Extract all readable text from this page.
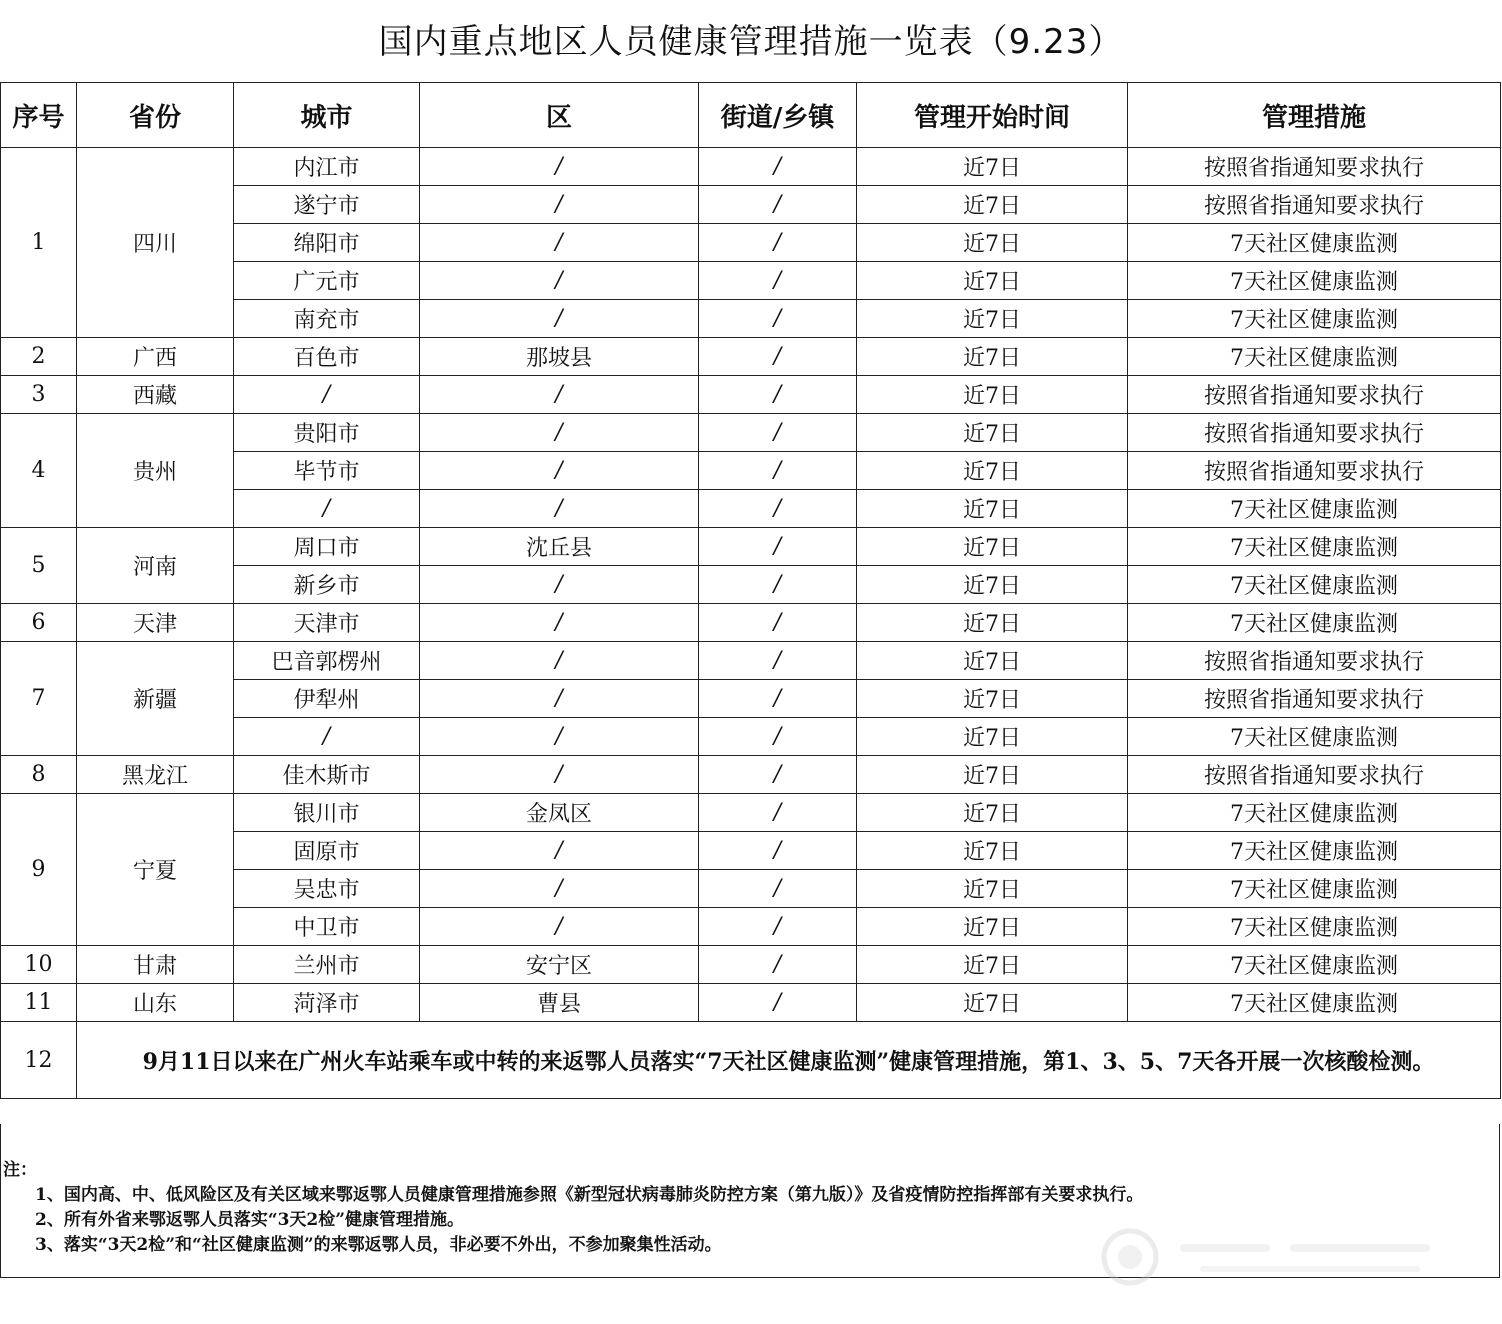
国内重点地区人员健康管理措施一览表（9.23）
序号	省份	城市	区	街道/乡镇	管理开始时间	管理措施
1	四川	内江市	/	/	近7日	按照省指通知要求执行
		遂宁市	/	/	近7日	按照省指通知要求执行
		绵阳市	/	/	近7日	7天社区健康监测
		广元市	/	/	近7日	7天社区健康监测
		南充市	/	/	近7日	7天社区健康监测
2	广西	百色市	那坡县	/	近7日	7天社区健康监测
3	西藏	/	/	/	近7日	按照省指通知要求执行
4	贵州	贵阳市	/	/	近7日	按照省指通知要求执行
		毕节市	/	/	近7日	按照省指通知要求执行
		/	/	/	近7日	7天社区健康监测
5	河南	周口市	沈丘县	/	近7日	7天社区健康监测
		新乡市	/	/	近7日	7天社区健康监测
6	天津	天津市	/	/	近7日	7天社区健康监测
7	新疆	巴音郭楞州	/	/	近7日	按照省指通知要求执行
		伊犁州	/	/	近7日	按照省指通知要求执行
		/	/	/	近7日	7天社区健康监测
8	黑龙江	佳木斯市	/	/	近7日	按照省指通知要求执行
9	宁夏	银川市	金凤区	/	近7日	7天社区健康监测
		固原市	/	/	近7日	7天社区健康监测
		吴忠市	/	/	近7日	7天社区健康监测
		中卫市	/	/	近7日	7天社区健康监测
10	甘肃	兰州市	安宁区	/	近7日	7天社区健康监测
11	山东	菏泽市	曹县	/	近7日	7天社区健康监测
12	9月11日以来在广州火车站乘车或中转的来返鄂人员落实“7天社区健康监测”健康管理措施，第1、3、5、7天各开展一次核酸检测。					
注：
1、国内高、中、低风险区及有关区域来鄂返鄂人员健康管理措施参照《新型冠状病毒肺炎防控方案（第九版）》及省疫情防控指挥部有关要求执行。
2、所有外省来鄂返鄂人员落实“3天2检”健康管理措施。
3、落实“3天2检”和“社区健康监测”的来鄂返鄂人员，非必要不外出，不参加聚集性活动。
